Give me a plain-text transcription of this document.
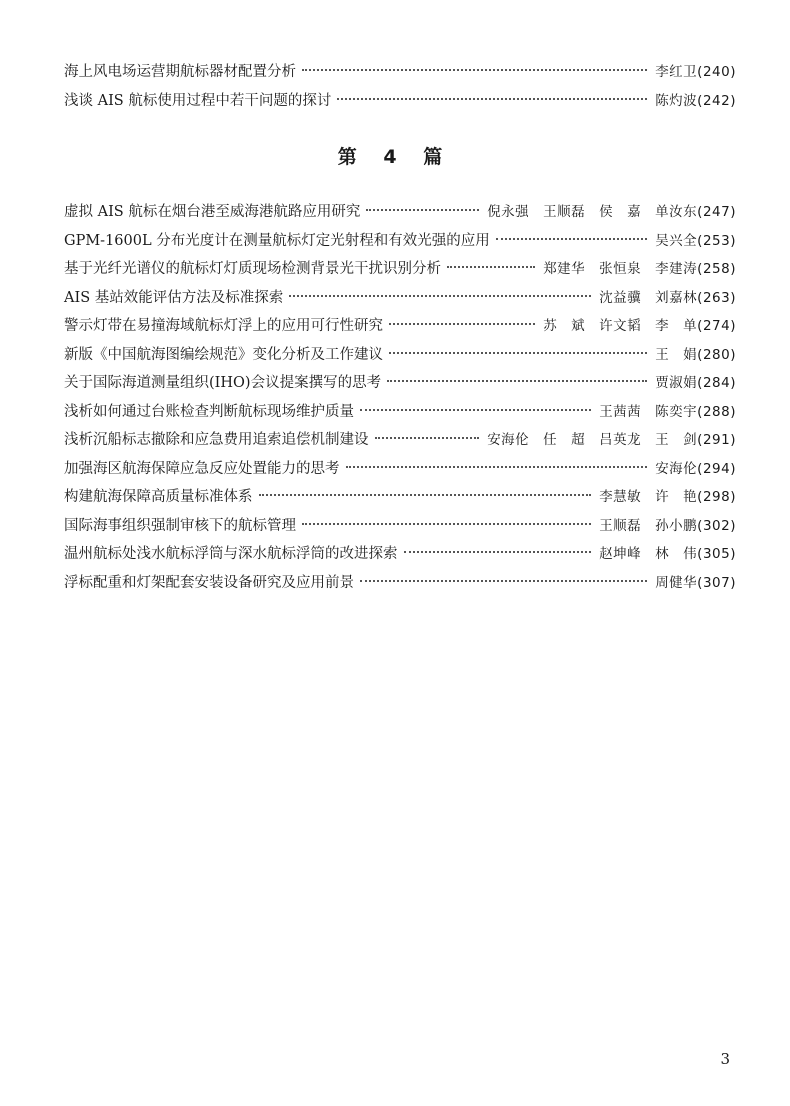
海上风电场运营期航标器材配置分析	李红卫(240)
浅谈 AIS 航标使用过程中若干问题的探讨	陈灼波(242)
第 4 篇
虚拟 AIS 航标在烟台港至威海港航路应用研究	倪永强　王顺磊　侯　嘉　单汝东(247)
GPM-1600L 分布光度计在测量航标灯定光射程和有效光强的应用	吴兴全(253)
基于光纤光谱仪的航标灯灯质现场检测背景光干扰识别分析	郑建华　张恒泉　李建涛(258)
AIS 基站效能评估方法及标准探索	沈益骥　刘嘉林(263)
警示灯带在易撞海域航标灯浮上的应用可行性研究	苏　斌　许文韬　李　单(274)
新版《中国航海图编绘规范》变化分析及工作建议	王　娟(280)
关于国际海道测量组织(IHO)会议提案撰写的思考	贾淑娟(284)
浅析如何通过台账检查判断航标现场维护质量	王茜茜　陈奕宇(288)
浅析沉船标志撤除和应急费用追索追偿机制建设	安海伦　任　超　吕英龙　王　剑(291)
加强海区航海保障应急反应处置能力的思考	安海伦(294)
构建航海保障高质量标准体系	李慧敏　许　艳(298)
国际海事组织强制审核下的航标管理	王顺磊　孙小鹏(302)
温州航标处浅水航标浮筒与深水航标浮筒的改进探索	赵坤峰　林　伟(305)
浮标配重和灯架配套安装设备研究及应用前景	周健华(307)
3
